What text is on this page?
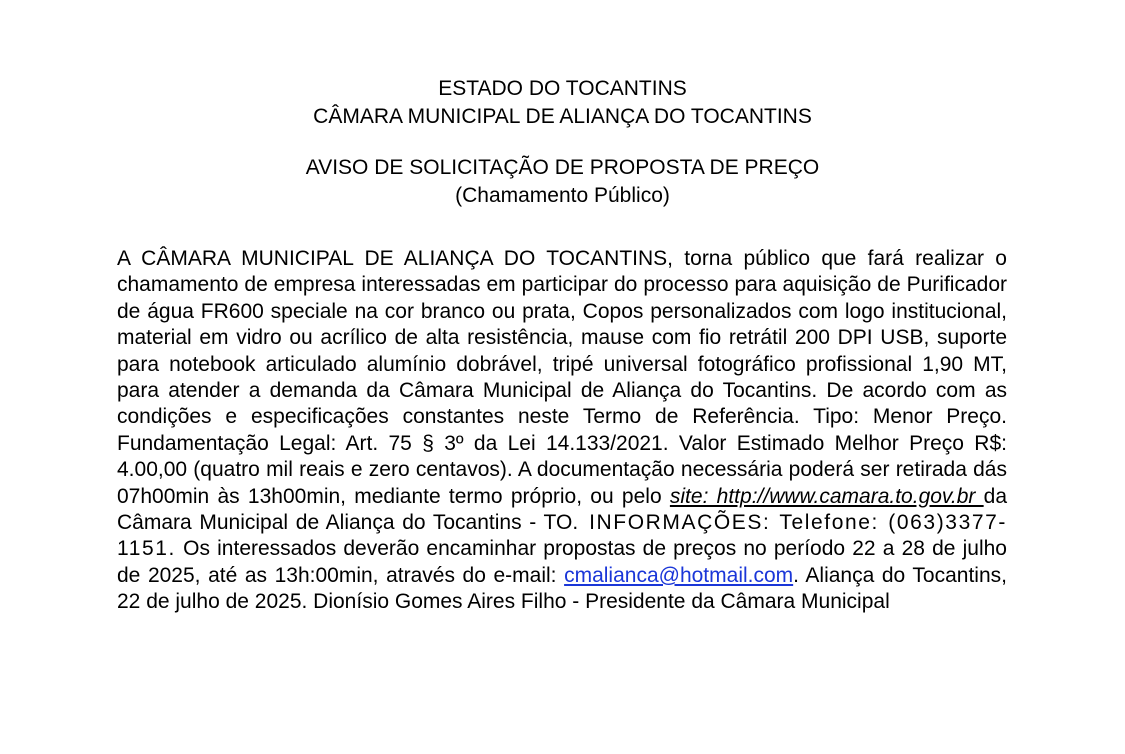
ESTADO DO TOCANTINS
CÂMARA MUNICIPAL DE ALIANÇA DO TOCANTINS
AVISO DE SOLICITAÇÃO DE PROPOSTA DE PREÇO
(Chamamento Público)

A CÂMARA MUNICIPAL DE ALIANÇA DO TOCANTINS, torna público que fará realizar o chamamento de empresa interessadas em participar do processo para aquisição de Purificador de água FR600 speciale na cor branco ou prata, Copos personalizados com logo institucional, material em vidro ou acrílico de alta resistência, mause com fio retrátil 200 DPI USB, suporte para notebook articulado alumínio dobrável, tripé universal fotográfico profissional 1,90 MT, para atender a demanda da Câmara Municipal de Aliança do Tocantins. De acordo com as condições e especificações constantes neste Termo de Referência. Tipo: Menor Preço. Fundamentação Legal: Art. 75 § 3º da Lei 14.133/2021. Valor Estimado Melhor Preço R$: 4.00,00 (quatro mil reais e zero centavos). A documentação necessária poderá ser retirada dás 07h00min às 13h00min, mediante termo próprio, ou pelo site: http://www.camara.to.gov.br da Câmara Municipal de Aliança do Tocantins - TO. INFORMAÇÕES: Telefone: (063)3377-1151. Os interessados deverão encaminhar propostas de preços no período 22 a 28 de julho de 2025, até as 13h:00min, através do e-mail: cmalianca@hotmail.com. Aliança do Tocantins, 22 de julho de 2025. Dionísio Gomes Aires Filho - Presidente da Câmara Municipal
